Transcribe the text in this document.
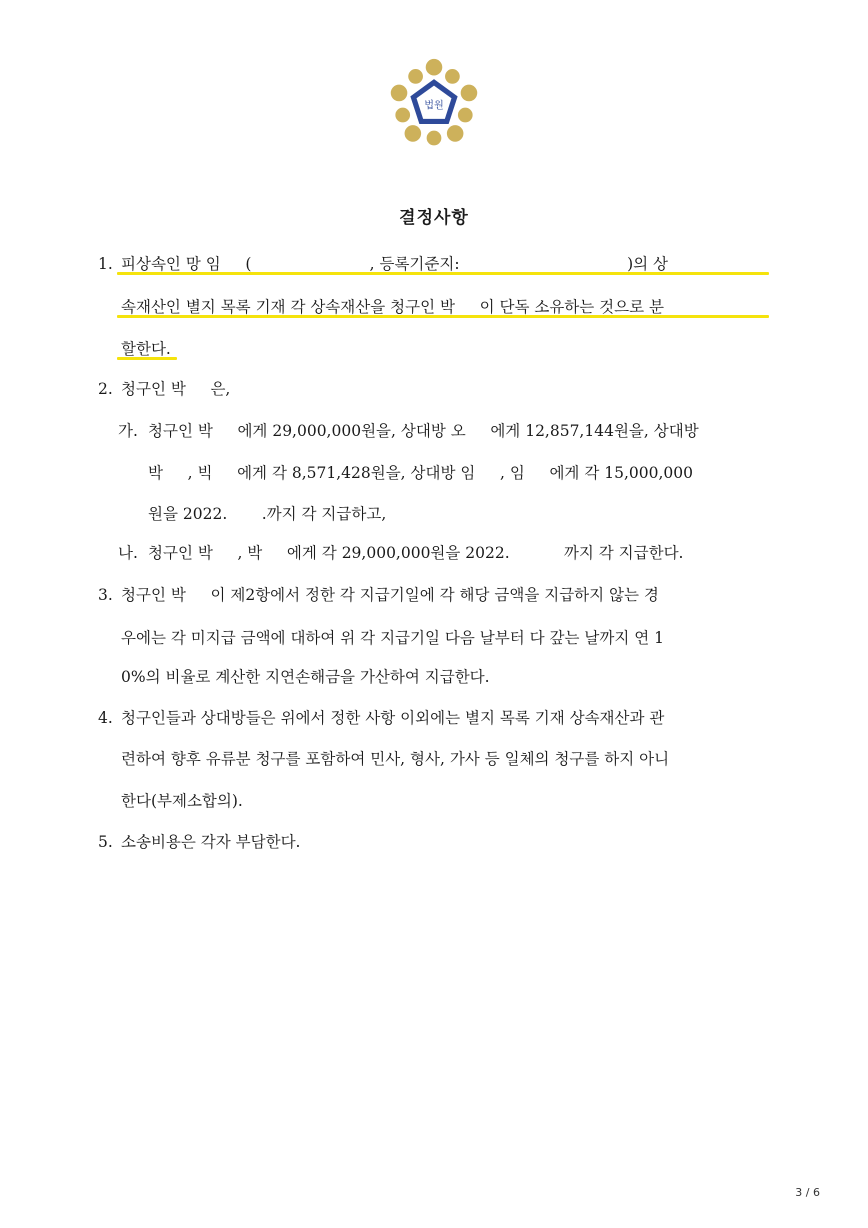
법원
결정사항
1. 피상속인 망 임     (                        , 등록기준지:                                  )의 상
속재산인 별지 목록 기재 각 상속재산을 청구인 박     이 단독 소유하는 것으로 분
할한다.
2. 청구인 박     은,
가. 청구인 박     에게 29,000,000원을, 상대방 오     에게 12,857,144원을, 상대방
박     , 빅     에게 각 8,571,428원을, 상대방 임     , 임     에게 각 15,000,000
원을 2022.       .까지 각 지급하고,
나. 청구인 박     , 박     에게 각 29,000,000원을 2022.           까지 각 지급한다.
3. 청구인 박     이 제2항에서 정한 각 지급기일에 각 해당 금액을 지급하지 않는 경
우에는 각 미지급 금액에 대하여 위 각 지급기일 다음 날부터 다 갚는 날까지 연 1
0%의 비율로 계산한 지연손해금을 가산하여 지급한다.
4. 청구인들과 상대방들은 위에서 정한 사항 이외에는 별지 목록 기재 상속재산과 관
련하여 향후 유류분 청구를 포함하여 민사, 형사, 가사 등 일체의 청구를 하지 아니
한다(부제소합의).
5. 소송비용은 각자 부담한다.
3 / 6
